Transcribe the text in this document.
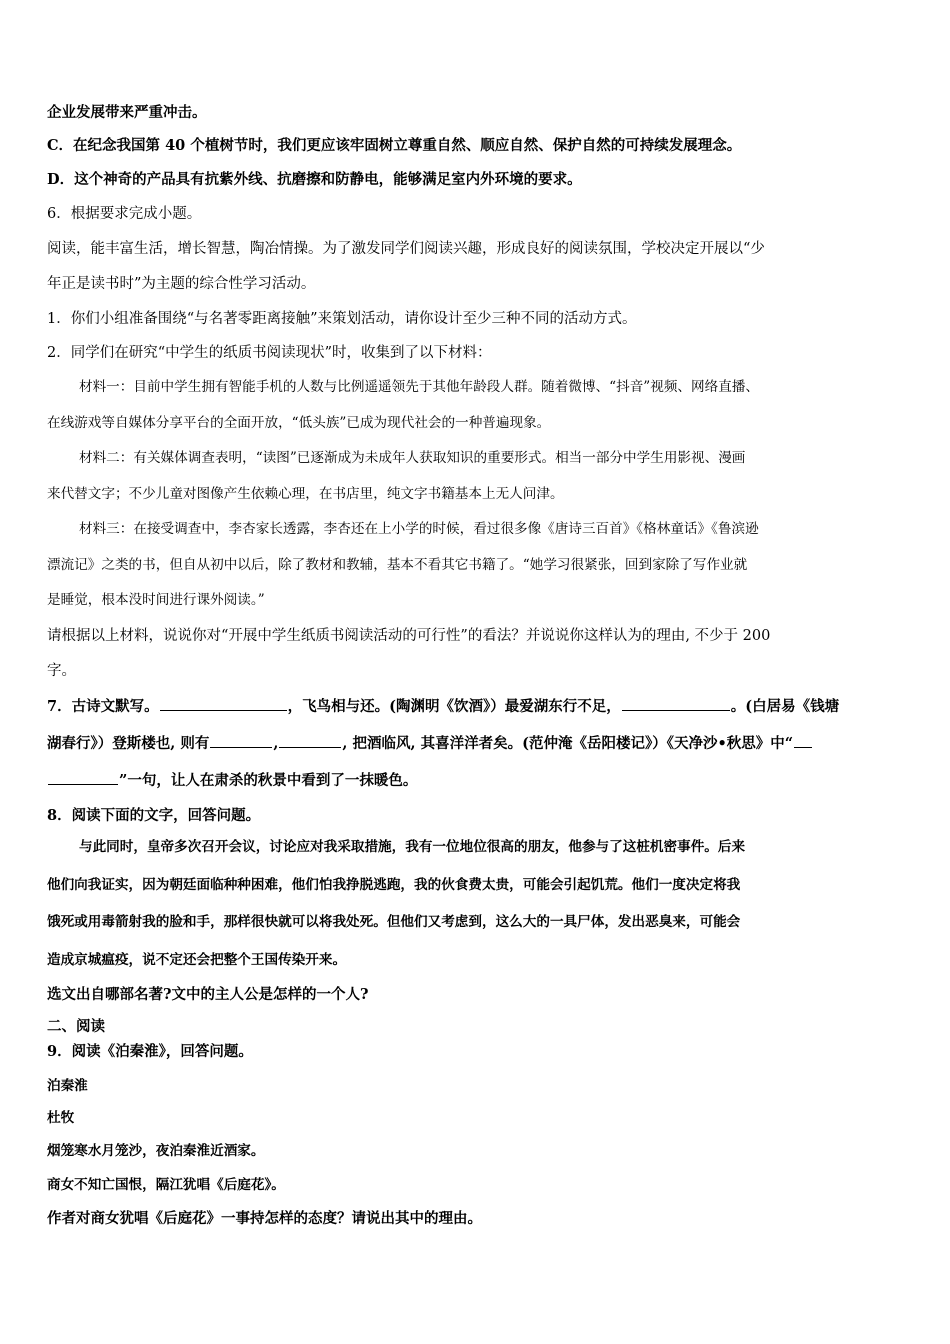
企业发展带来严重冲击。
C．在纪念我国第 40 个植树节时，我们更应该牢固树立尊重自然、顺应自然、保护自然的可持续发展理念。
D．这个神奇的产品具有抗紫外线、抗磨擦和防静电，能够满足室内外环境的要求。
6．根据要求完成小题。
阅读，能丰富生活，增长智慧，陶冶情操。为了激发同学们阅读兴趣，形成良好的阅读氛围，学校决定开展以“少
年正是读书时”为主题的综合性学习活动。
1．你们小组准备围绕“与名著零距离接触”来策划活动，请你设计至少三种不同的活动方式。
2．同学们在研究“中学生的纸质书阅读现状”时，收集到了以下材料：
材料一：目前中学生拥有智能手机的人数与比例遥遥领先于其他年龄段人群。随着微博、“抖音”视频、网络直播、
在线游戏等自媒体分享平台的全面开放，“低头族”已成为现代社会的一种普遍现象。
材料二：有关媒体调查表明，“读图”已逐渐成为未成年人获取知识的重要形式。相当一部分中学生用影视、漫画
来代替文字；不少儿童对图像产生依赖心理，在书店里，纯文字书籍基本上无人问津。
材料三：在接受调查中，李杏家长透露，李杏还在上小学的时候，看过很多像《唐诗三百首》《格林童话》《鲁滨逊
漂流记》之类的书，但自从初中以后，除了教材和教辅，基本不看其它书籍了。“她学习很紧张，回到家除了写作业就
是睡觉，根本没时间进行课外阅读。”
请根据以上材料，说说你对“开展中学生纸质书阅读活动的可行性”的看法？并说说你这样认为的理由, 不少于 200
字。
7．古诗文默写。	，飞鸟相与还。(陶渊明《饮酒》）最爱湖东行不足，	。(白居易《钱塘
湖春行》）登斯楼也, 则有	,	, 把酒临风, 其喜洋洋者矣。(范仲淹《岳阳楼记》）《天净沙•秋思》中“
”一句，让人在肃杀的秋景中看到了一抹暖色。
8．阅读下面的文字，回答问题。
与此同时，皇帝多次召开会议，讨论应对我采取措施，我有一位地位很高的朋友，他参与了这桩机密事件。后来
他们向我证实，因为朝廷面临种种困难，他们怕我挣脱逃跑，我的伙食费太贵，可能会引起饥荒。他们一度决定将我
饿死或用毒箭射我的脸和手，那样很快就可以将我处死。但他们又考虑到，这么大的一具尸体，发出恶臭来，可能会
造成京城瘟疫，说不定还会把整个王国传染开来。
选文出自哪部名著?文中的主人公是怎样的一个人?
二、阅读
9．阅读《泊秦淮》，回答问题。
泊秦淮
杜牧
烟笼寒水月笼沙，夜泊秦淮近酒家。
商女不知亡国恨，隔江犹唱《后庭花》。
作者对商女犹唱《后庭花》一事持怎样的态度？请说出其中的理由。
